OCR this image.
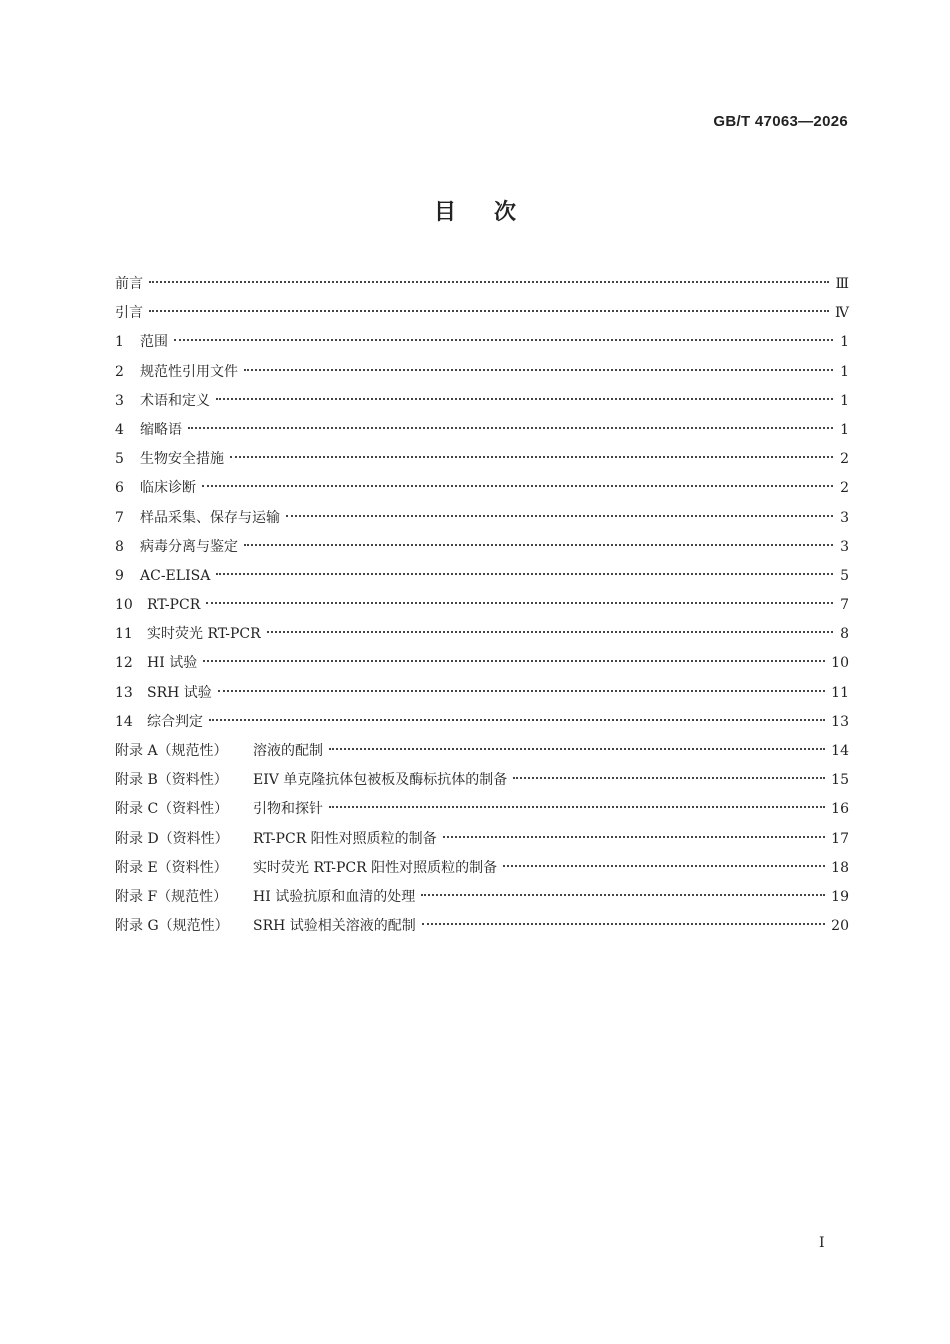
GB/T 47063—2026
目次
前言	Ⅲ
引言	Ⅳ
1	范围	1
2	规范性引用文件	1
3	术语和定义	1
4	缩略语	1
5	生物安全措施	2
6	临床诊断	2
7	样品采集、保存与运输	3
8	病毒分离与鉴定	3
9	AC-ELISA	5
10	RT-PCR	7
11	实时荧光 RT-PCR	8
12	HI 试验	10
13	SRH 试验	11
14	综合判定	13
附录 A（规范性）	溶液的配制	14
附录 B（资料性）	EIV 单克隆抗体包被板及酶标抗体的制备	15
附录 C（资料性）	引物和探针	16
附录 D（资料性）	RT-PCR 阳性对照质粒的制备	17
附录 E（资料性）	实时荧光 RT-PCR 阳性对照质粒的制备	18
附录 F（规范性）	HI 试验抗原和血清的处理	19
附录 G（规范性）	SRH 试验相关溶液的配制	20
I
